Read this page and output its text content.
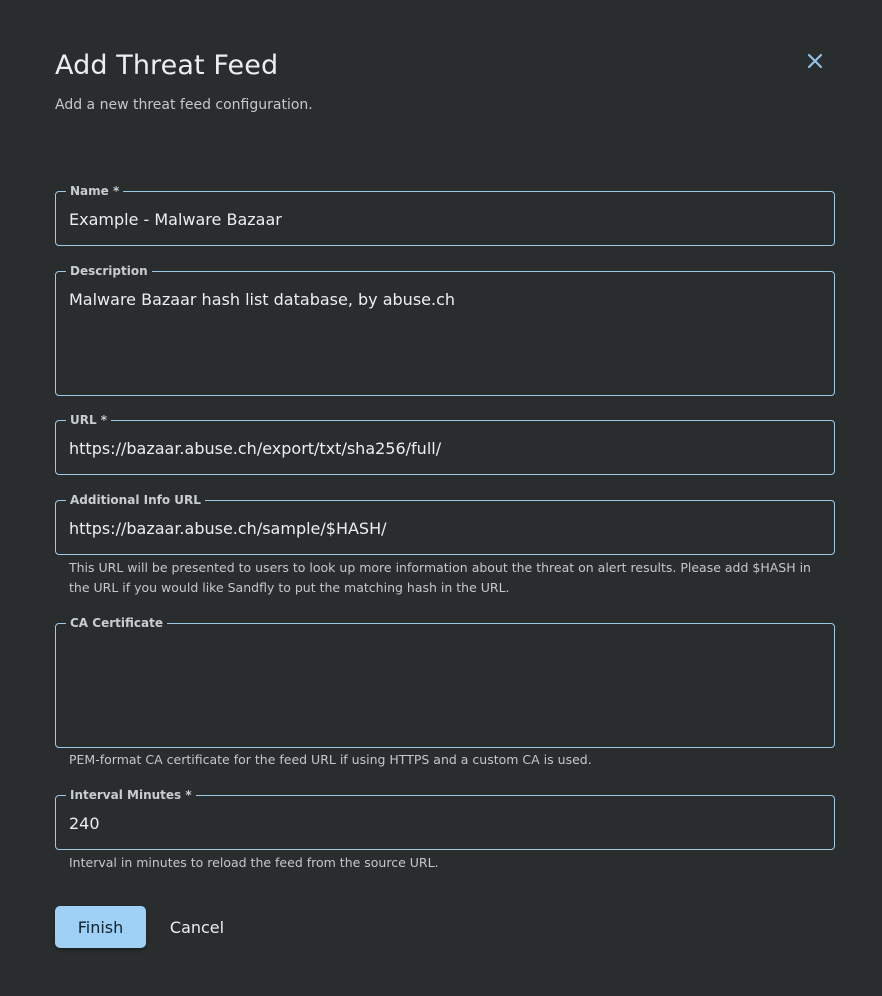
Add Threat Feed

Add a new threat feed configuration.

Name *
Example - Malware Bazaar
Description
Malware Bazaar hash list database, by abuse.ch
URL *
https://bazaar.abuse.ch/export/txt/sha256/full/
Additional Info URL
https://bazaar.abuse.ch/sample/$HASH/

This URL will be presented to users to look up more information about the threat on alert results. Please add $HASH in the URL if you would like Sandfly to put the matching hash in the URL.

CA Certificate

PEM-format CA certificate for the feed URL if using HTTPS and a custom CA is used.

Interval Minutes *
240

Interval in minutes to reload the feed from the source URL.

Finish	Cancel
